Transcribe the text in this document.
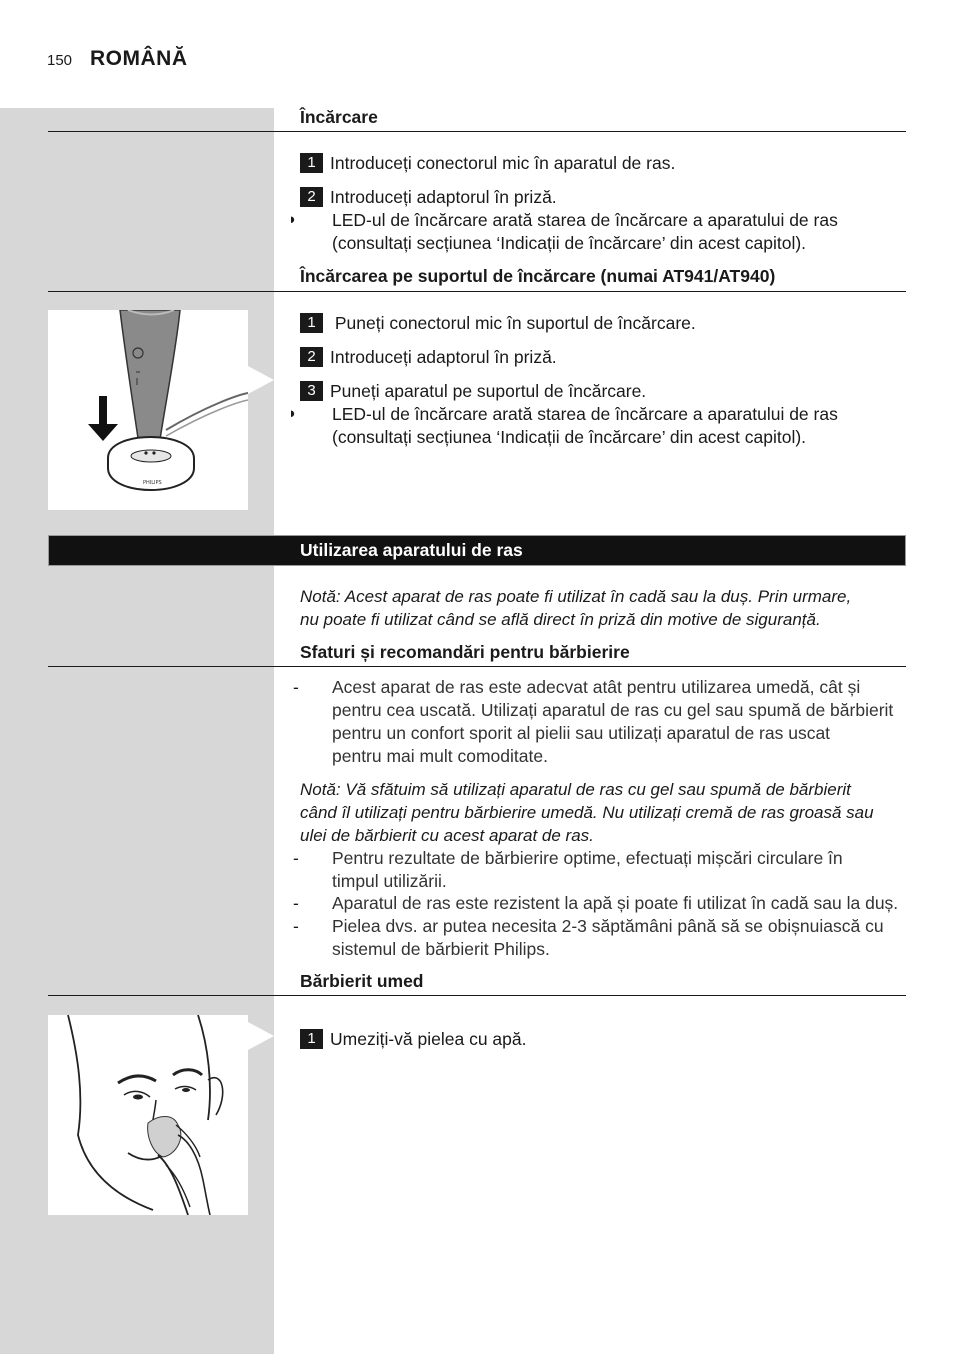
150 ROMÂNĂ
Încărcare
1 Introduceți conectorul mic în aparatul de ras.
2 Introduceți adaptorul în priză.
◗ LED-ul de încărcare arată starea de încărcare a aparatului de ras
(consultați secțiunea ‘Indicații de încărcare’ din acest capitol).
Încărcarea pe suportul de încărcare (numai AT941/AT940)
PHILIPS
1 Puneți conectorul mic în suportul de încărcare.
2 Introduceți adaptorul în priză.
3 Puneți aparatul pe suportul de încărcare.
◗ LED-ul de încărcare arată starea de încărcare a aparatului de ras
(consultați secțiunea ‘Indicații de încărcare’ din acest capitol).
Utilizarea aparatului de ras
Notă: Acest aparat de ras poate fi utilizat în cadă sau la duș. Prin urmare,
nu poate fi utilizat când se află direct în priză din motive de siguranță.
Sfaturi și recomandări pentru bărbierire
- Acest aparat de ras este adecvat atât pentru utilizarea umedă, cât și
pentru cea uscată. Utilizați aparatul de ras cu gel sau spumă de bărbierit
pentru un confort sporit al pielii sau utilizați aparatul de ras uscat
pentru mai mult comoditate.
Notă: Vă sfătuim să utilizați aparatul de ras cu gel sau spumă de bărbierit
când îl utilizați pentru bărbierire umedă. Nu utilizați cremă de ras groasă sau
ulei de bărbierit cu acest aparat de ras.
- Pentru rezultate de bărbierire optime, efectuați mișcări circulare în
timpul utilizării.
- Aparatul de ras este rezistent la apă și poate fi utilizat în cadă sau la duș.
- Pielea dvs. ar putea necesita 2-3 săptămâni până să se obișnuiască cu
sistemul de bărbierit Philips.
Bărbierit umed
1 Umeziți-vă pielea cu apă.
